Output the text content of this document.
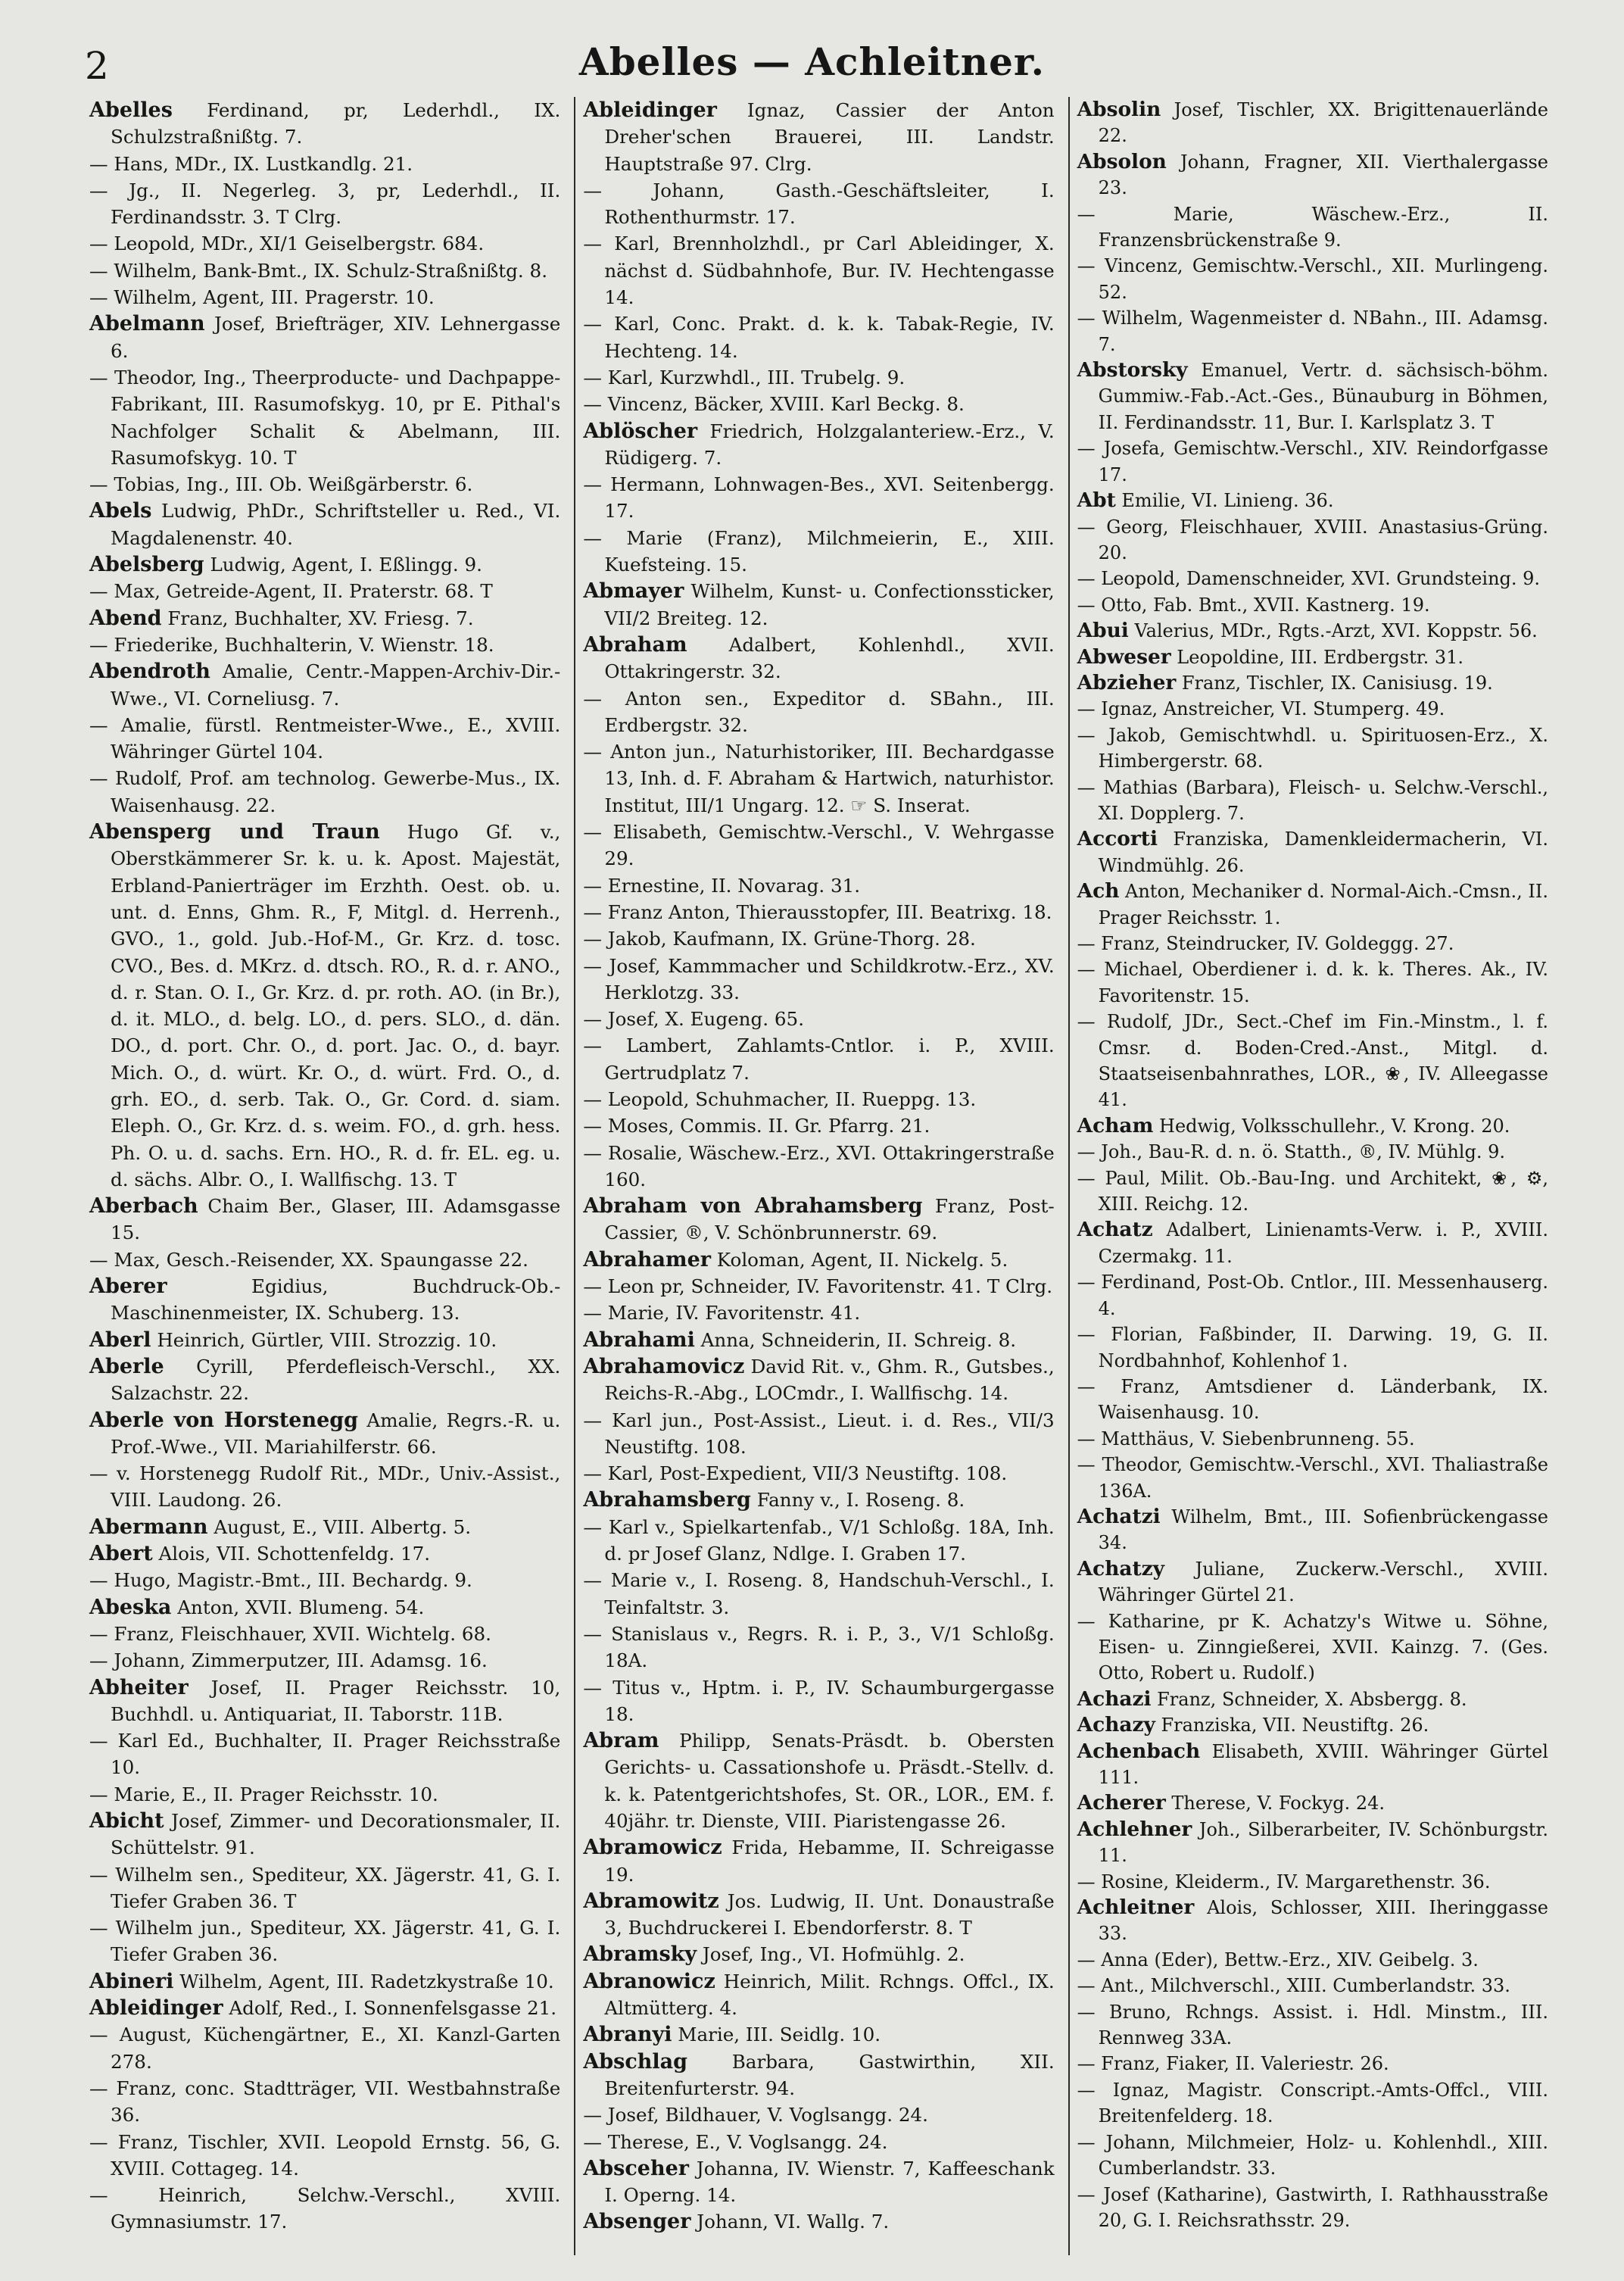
2	Abelles — Achleitner.

Abelles Ferdinand, pr, Lederhdl., IX. Schulzstraßnißtg. 7.

— Hans, MDr., IX. Lustkandlg. 21.

— Jg., II. Negerleg. 3, pr, Lederhdl., II. Ferdinandsstr. 3. T Clrg.

— Leopold, MDr., XI/1 Geiselbergstr. 684.

— Wilhelm, Bank-Bmt., IX. Schulz-Straßnißtg. 8.

— Wilhelm, Agent, III. Pragerstr. 10.

Abelmann Josef, Briefträger, XIV. Lehnergasse 6.

— Theodor, Ing., Theerproducte- und Dachpappe-Fabrikant, III. Rasumofskyg. 10, pr E. Pithal's Nachfolger Schalit & Abelmann, III. Rasumofskyg. 10. T

— Tobias, Ing., III. Ob. Weißgärberstr. 6.

Abels Ludwig, PhDr., Schriftsteller u. Red., VI. Magdalenenstr. 40.

Abelsberg Ludwig, Agent, I. Eßlingg. 9.

— Max, Getreide-Agent, II. Praterstr. 68. T

Abend Franz, Buchhalter, XV. Friesg. 7.

— Friederike, Buchhalterin, V. Wienstr. 18.

Abendroth Amalie, Centr.-Mappen-Archiv-Dir.-Wwe., VI. Corneliusg. 7.

— Amalie, fürstl. Rentmeister-Wwe., E., XVIII. Währinger Gürtel 104.

— Rudolf, Prof. am technolog. Gewerbe-Mus., IX. Waisenhausg. 22.

Abensperg und Traun Hugo Gf. v., Oberstkämmerer Sr. k. u. k. Apost. Majestät, Erbland-Panierträger im Erzhth. Oest. ob. u. unt. d. Enns, Ghm. R., F, Mitgl. d. Herrenh., GVO., 1., gold. Jub.-Hof-M., Gr. Krz. d. tosc. CVO., Bes. d. MKrz. d. dtsch. RO., R. d. r. ANO., d. r. Stan. O. I., Gr. Krz. d. pr. roth. AO. (in Br.), d. it. MLO., d. belg. LO., d. pers. SLO., d. dän. DO., d. port. Chr. O., d. port. Jac. O., d. bayr. Mich. O., d. würt. Kr. O., d. würt. Frd. O., d. grh. EO., d. serb. Tak. O., Gr. Cord. d. siam. Eleph. O., Gr. Krz. d. s. weim. FO., d. grh. hess. Ph. O. u. d. sachs. Ern. HO., R. d. fr. EL. eg. u. d. sächs. Albr. O., I. Wallfischg. 13. T

Aberbach Chaim Ber., Glaser, III. Adamsgasse 15.

— Max, Gesch.-Reisender, XX. Spaungasse 22.

Aberer Egidius, Buchdruck-Ob.-Maschinenmeister, IX. Schuberg. 13.

Aberl Heinrich, Gürtler, VIII. Strozzig. 10.

Aberle Cyrill, Pferdefleisch-Verschl., XX. Salzachstr. 22.

Aberle von Horstenegg Amalie, Regrs.-R. u. Prof.-Wwe., VII. Mariahilferstr. 66.

— v. Horstenegg Rudolf Rit., MDr., Univ.-Assist., VIII. Laudong. 26.

Abermann August, E., VIII. Albertg. 5.

Abert Alois, VII. Schottenfeldg. 17.

— Hugo, Magistr.-Bmt., III. Bechardg. 9.

Abeska Anton, XVII. Blumeng. 54.

— Franz, Fleischhauer, XVII. Wichtelg. 68.

— Johann, Zimmerputzer, III. Adamsg. 16.

Abheiter Josef, II. Prager Reichsstr. 10, Buchhdl. u. Antiquariat, II. Taborstr. 11B.

— Karl Ed., Buchhalter, II. Prager Reichsstraße 10.

— Marie, E., II. Prager Reichsstr. 10.

Abicht Josef, Zimmer- und Decorationsmaler, II. Schüttelstr. 91.

— Wilhelm sen., Spediteur, XX. Jägerstr. 41, G. I. Tiefer Graben 36. T

— Wilhelm jun., Spediteur, XX. Jägerstr. 41, G. I. Tiefer Graben 36.

Abineri Wilhelm, Agent, III. Radetzkystraße 10.

Ableidinger Adolf, Red., I. Sonnenfelsgasse 21.

— August, Küchengärtner, E., XI. Kanzl-Garten 278.

— Franz, conc. Stadtträger, VII. Westbahnstraße 36.

— Franz, Tischler, XVII. Leopold Ernstg. 56, G. XVIII. Cottageg. 14.

— Heinrich, Selchw.-Verschl., XVIII. Gymnasiumstr. 17.

Ableidinger Ignaz, Cassier der Anton Dreher'schen Brauerei, III. Landstr. Hauptstraße 97. Clrg.

— Johann, Gasth.-Geschäftsleiter, I. Rothenthurmstr. 17.

— Karl, Brennholzhdl., pr Carl Ableidinger, X. nächst d. Südbahnhofe, Bur. IV. Hechtengasse 14.

— Karl, Conc. Prakt. d. k. k. Tabak-Regie, IV. Hechteng. 14.

— Karl, Kurzwhdl., III. Trubelg. 9.

— Vincenz, Bäcker, XVIII. Karl Beckg. 8.

Ablöscher Friedrich, Holzgalanteriew.-Erz., V. Rüdigerg. 7.

— Hermann, Lohnwagen-Bes., XVI. Seitenbergg. 17.

— Marie (Franz), Milchmeierin, E., XIII. Kuefsteing. 15.

Abmayer Wilhelm, Kunst- u. Confectionssticker, VII/2 Breiteg. 12.

Abraham Adalbert, Kohlenhdl., XVII. Ottakringerstr. 32.

— Anton sen., Expeditor d. SBahn., III. Erdbergstr. 32.

— Anton jun., Naturhistoriker, III. Bechardgasse 13, Inh. d. F. Abraham & Hartwich, naturhistor. Institut, III/1 Ungarg. 12. ☞ S. Inserat.

— Elisabeth, Gemischtw.-Verschl., V. Wehrgasse 29.

— Ernestine, II. Novarag. 31.

— Franz Anton, Thierausstopfer, III. Beatrixg. 18.

— Jakob, Kaufmann, IX. Grüne-Thorg. 28.

— Josef, Kammmacher und Schildkrotw.-Erz., XV. Herklotzg. 33.

— Josef, X. Eugeng. 65.

— Lambert, Zahlamts-Cntlor. i. P., XVIII. Gertrudplatz 7.

— Leopold, Schuhmacher, II. Rueppg. 13.

— Moses, Commis. II. Gr. Pfarrg. 21.

— Rosalie, Wäschew.-Erz., XVI. Ottakringerstraße 160.

Abraham von Abrahamsberg Franz, Post-Cassier, ®, V. Schönbrunnerstr. 69.

Abrahamer Koloman, Agent, II. Nickelg. 5.

— Leon pr, Schneider, IV. Favoritenstr. 41. T Clrg.

— Marie, IV. Favoritenstr. 41.

Abrahami Anna, Schneiderin, II. Schreig. 8.

Abrahamovicz David Rit. v., Ghm. R., Gutsbes., Reichs-R.-Abg., LOCmdr., I. Wallfischg. 14.

— Karl jun., Post-Assist., Lieut. i. d. Res., VII/3 Neustiftg. 108.

— Karl, Post-Expedient, VII/3 Neustiftg. 108.

Abrahamsberg Fanny v., I. Roseng. 8.

— Karl v., Spielkartenfab., V/1 Schloßg. 18A, Inh. d. pr Josef Glanz, Ndlge. I. Graben 17.

— Marie v., I. Roseng. 8, Handschuh-Verschl., I. Teinfaltstr. 3.

— Stanislaus v., Regrs. R. i. P., 3., V/1 Schloßg. 18A.

— Titus v., Hptm. i. P., IV. Schaumburgergasse 18.

Abram Philipp, Senats-Präsdt. b. Obersten Gerichts- u. Cassationshofe u. Präsdt.-Stellv. d. k. k. Patentgerichtshofes, St. OR., LOR., EM. f. 40jähr. tr. Dienste, VIII. Piaristengasse 26.

Abramowicz Frida, Hebamme, II. Schreigasse 19.

Abramowitz Jos. Ludwig, II. Unt. Donaustraße 3, Buchdruckerei I. Ebendorferstr. 8. T

Abramsky Josef, Ing., VI. Hofmühlg. 2.

Abranowicz Heinrich, Milit. Rchngs. Offcl., IX. Altmütterg. 4.

Abranyi Marie, III. Seidlg. 10.

Abschlag Barbara, Gastwirthin, XII. Breitenfurterstr. 94.

— Josef, Bildhauer, V. Voglsangg. 24.

— Therese, E., V. Voglsangg. 24.

Absceher Johanna, IV. Wienstr. 7, Kaffeeschank I. Operng. 14.

Absenger Johann, VI. Wallg. 7.

Absolin Josef, Tischler, XX. Brigittenauerlände 22.

Absolon Johann, Fragner, XII. Vierthalergasse 23.

— Marie, Wäschew.-Erz., II. Franzensbrückenstraße 9.

— Vincenz, Gemischtw.-Verschl., XII. Murlingeng. 52.

— Wilhelm, Wagenmeister d. NBahn., III. Adamsg. 7.

Abstorsky Emanuel, Vertr. d. sächsisch-böhm. Gummiw.-Fab.-Act.-Ges., Bünauburg in Böhmen, II. Ferdinandsstr. 11, Bur. I. Karlsplatz 3. T

— Josefa, Gemischtw.-Verschl., XIV. Reindorfgasse 17.

Abt Emilie, VI. Linieng. 36.

— Georg, Fleischhauer, XVIII. Anastasius-Grüng. 20.

— Leopold, Damenschneider, XVI. Grundsteing. 9.

— Otto, Fab. Bmt., XVII. Kastnerg. 19.

Abui Valerius, MDr., Rgts.-Arzt, XVI. Koppstr. 56.

Abweser Leopoldine, III. Erdbergstr. 31.

Abzieher Franz, Tischler, IX. Canisiusg. 19.

— Ignaz, Anstreicher, VI. Stumperg. 49.

— Jakob, Gemischtwhdl. u. Spirituosen-Erz., X. Himbergerstr. 68.

— Mathias (Barbara), Fleisch- u. Selchw.-Verschl., XI. Dopplerg. 7.

Accorti Franziska, Damenkleidermacherin, VI. Windmühlg. 26.

Ach Anton, Mechaniker d. Normal-Aich.-Cmsn., II. Prager Reichsstr. 1.

— Franz, Steindrucker, IV. Goldeggg. 27.

— Michael, Oberdiener i. d. k. k. Theres. Ak., IV. Favoritenstr. 15.

— Rudolf, JDr., Sect.-Chef im Fin.-Minstm., l. f. Cmsr. d. Boden-Cred.-Anst., Mitgl. d. Staatseisenbahnrathes, LOR., ❀, IV. Alleegasse 41.

Acham Hedwig, Volksschullehr., V. Krong. 20.

— Joh., Bau-R. d. n. ö. Statth., ®, IV. Mühlg. 9.

— Paul, Milit. Ob.-Bau-Ing. und Architekt, ❀, ⚙, XIII. Reichg. 12.

Achatz Adalbert, Linienamts-Verw. i. P., XVIII. Czermakg. 11.

— Ferdinand, Post-Ob. Cntlor., III. Messenhauserg. 4.

— Florian, Faßbinder, II. Darwing. 19, G. II. Nordbahnhof, Kohlenhof 1.

— Franz, Amtsdiener d. Länderbank, IX. Waisenhausg. 10.

— Matthäus, V. Siebenbrunneng. 55.

— Theodor, Gemischtw.-Verschl., XVI. Thaliastraße 136A.

Achatzi Wilhelm, Bmt., III. Sofienbrückengasse 34.

Achatzy Juliane, Zuckerw.-Verschl., XVIII. Währinger Gürtel 21.

— Katharine, pr K. Achatzy's Witwe u. Söhne, Eisen- u. Zinngießerei, XVII. Kainzg. 7. (Ges. Otto, Robert u. Rudolf.)

Achazi Franz, Schneider, X. Absbergg. 8.

Achazy Franziska, VII. Neustiftg. 26.

Achenbach Elisabeth, XVIII. Währinger Gürtel 111.

Acherer Therese, V. Fockyg. 24.

Achlehner Joh., Silberarbeiter, IV. Schönburgstr. 11.

— Rosine, Kleiderm., IV. Margarethenstr. 36.

Achleitner Alois, Schlosser, XIII. Iheringgasse 33.

— Anna (Eder), Bettw.-Erz., XIV. Geibelg. 3.

— Ant., Milchverschl., XIII. Cumberlandstr. 33.

— Bruno, Rchngs. Assist. i. Hdl. Minstm., III. Rennweg 33A.

— Franz, Fiaker, II. Valeriestr. 26.

— Ignaz, Magistr. Conscript.-Amts-Offcl., VIII. Breitenfelderg. 18.

— Johann, Milchmeier, Holz- u. Kohlenhdl., XIII. Cumberlandstr. 33.

— Josef (Katharine), Gastwirth, I. Rathhausstraße 20, G. I. Reichsrathsstr. 29.
